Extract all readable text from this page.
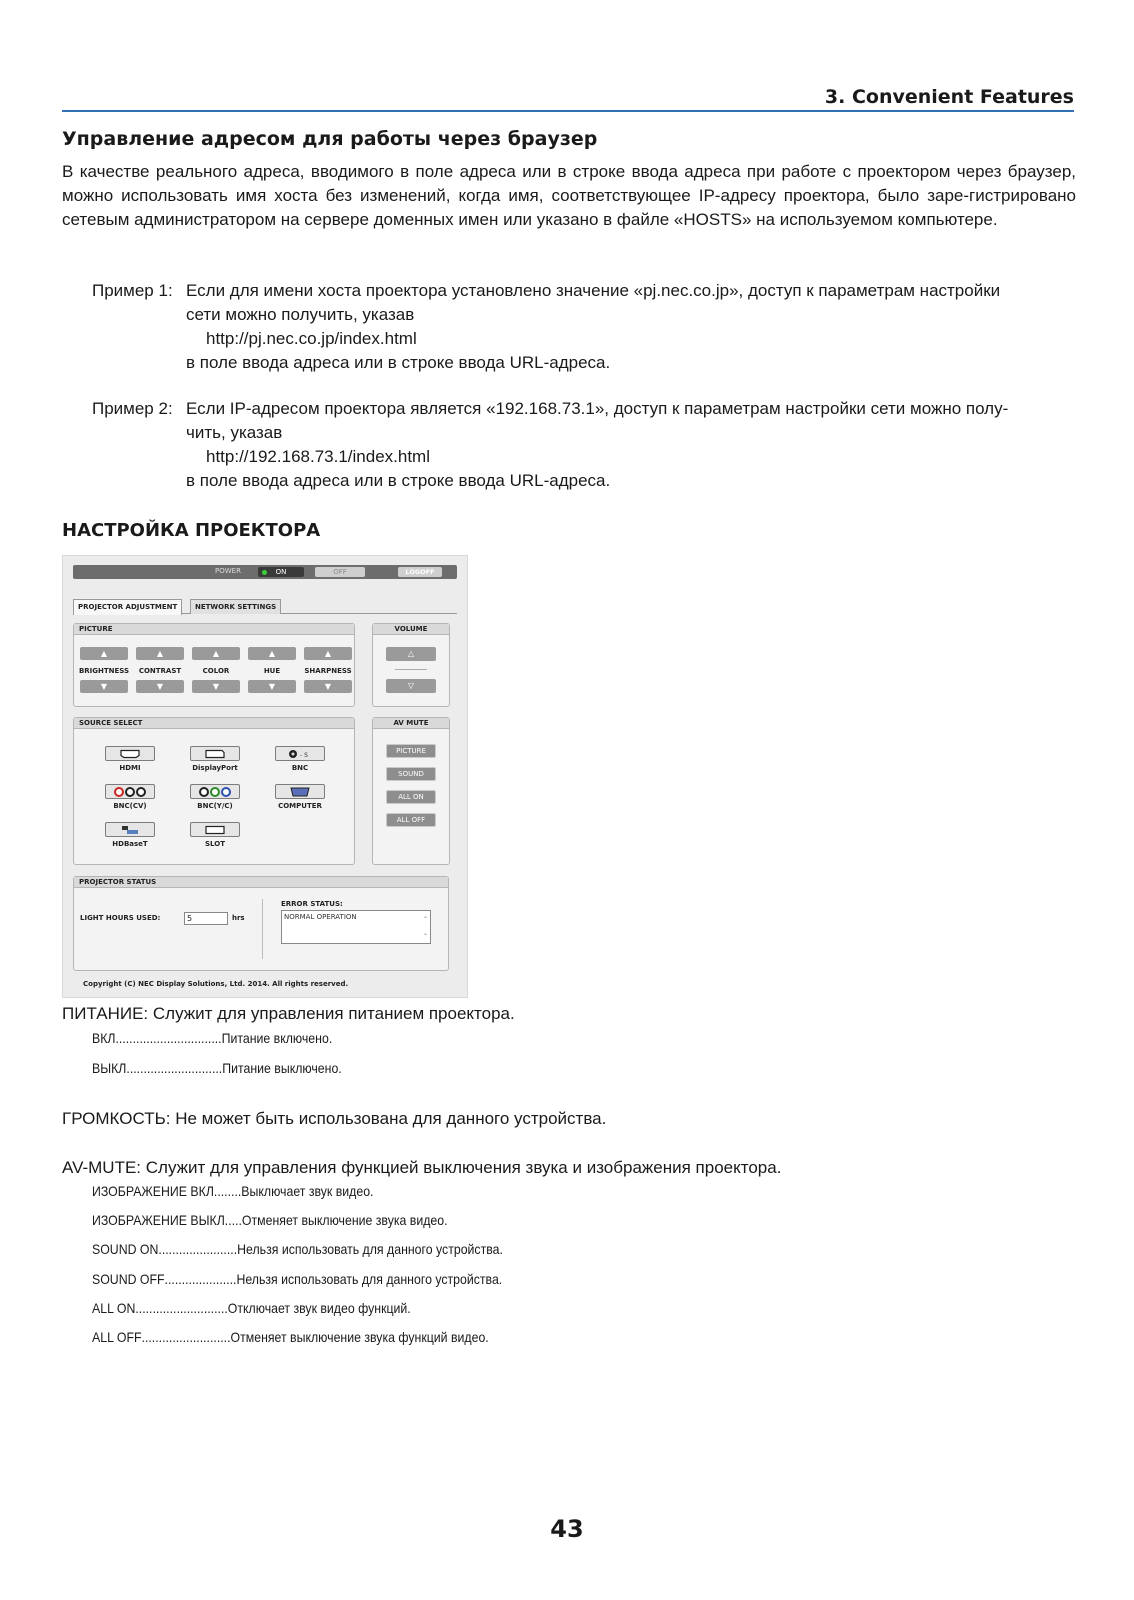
3. Convenient Features
Управление адресом для работы через браузер
В качестве реального адреса, вводимого в поле адреса или в строке ввода адреса при работе с проектором через браузер, можно использовать имя хоста без изменений, когда имя, соответствующее IP-адресу проектора, было заре-гистрировано сетевым администратором на сервере доменных имен или указано в файле «HOSTS» на используемом компьютере.
Пример 1: Если для имени хоста проектора установлено значение «pj.nec.co.jp», доступ к параметрам настройки
сети можно получить, указав
http://pj.nec.co.jp/index.html
в поле ввода адреса или в строке ввода URL-адреса.
Пример 2: Если IP-адресом проектора является «192.168.73.1», доступ к параметрам настройки сети можно полу-
чить, указав
http://192.168.73.1/index.html
в поле ввода адреса или в строке ввода URL-адреса.
НАСТРОЙКА ПРОЕКТОРА
POWER	ON	OFF	LOGOFF
PROJECTOR ADJUSTMENT	NETWORK SETTINGS
PICTURE
▲	▲	▲	▲	▲
BRIGHTNESS	CONTRAST	COLOR	HUE	SHARPNESS
▼	▼	▼	▼	▼
VOLUME
△
▽
SOURCE SELECT
HDMI	DisplayPort
- S
BNC
BNC(CV)	BNC(Y/C)	COMPUTER
HDBaseT	SLOT
AV MUTE
PICTURE
SOUND
ALL ON
ALL OFF
PROJECTOR STATUS
LIGHT HOURS USED:	5	hrs
ERROR STATUS:
NORMAL OPERATION	⌃
⌄
Copyright (C) NEC Display Solutions, Ltd. 2014. All rights reserved.
ПИТАНИЕ: Служит для управления питанием проектора.
ВКЛ. .............................. Питание включено.
ВЫКЛ. ........................... Питание выключено.
ГРОМКОСТЬ: Не может быть использована для данного устройства.
AV-MUTE: Служит для управления функцией выключения звука и изображения проектора.
ИЗОБРАЖЕНИЕ ВКЛ. ....... Выключает звук видео.
ИЗОБРАЖЕНИЕ ВЫКЛ. .... Отменяет выключение звука видео.
SOUND ON ....................... Нельзя использовать для данного устройства.
SOUND OFF ..................... Нельзя использовать для данного устройства.
ALL ON ........................... Отключает звук видео функций.
ALL OFF .......................... Отменяет выключение звука функций видео.
43
